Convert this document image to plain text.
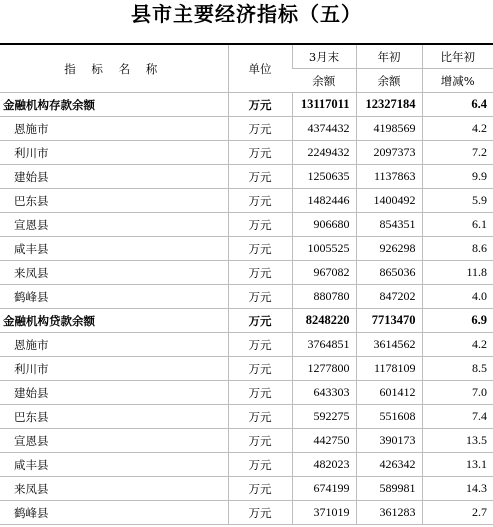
县市主要经济指标（五）
指 标 名 称	单位	3月末	年初	比年初
		余额	余额	增减%
金融机构存款余额	万元	13117011	12327184	6.4
恩施市	万元	4374432	4198569	4.2
利川市	万元	2249432	2097373	7.2
建始县	万元	1250635	1137863	9.9
巴东县	万元	1482446	1400492	5.9
宣恩县	万元	906680	854351	6.1
咸丰县	万元	1005525	926298	8.6
来凤县	万元	967082	865036	11.8
鹤峰县	万元	880780	847202	4.0
金融机构贷款余额	万元	8248220	7713470	6.9
恩施市	万元	3764851	3614562	4.2
利川市	万元	1277800	1178109	8.5
建始县	万元	643303	601412	7.0
巴东县	万元	592275	551608	7.4
宣恩县	万元	442750	390173	13.5
咸丰县	万元	482023	426342	13.1
来凤县	万元	674199	589981	14.3
鹤峰县	万元	371019	361283	2.7
